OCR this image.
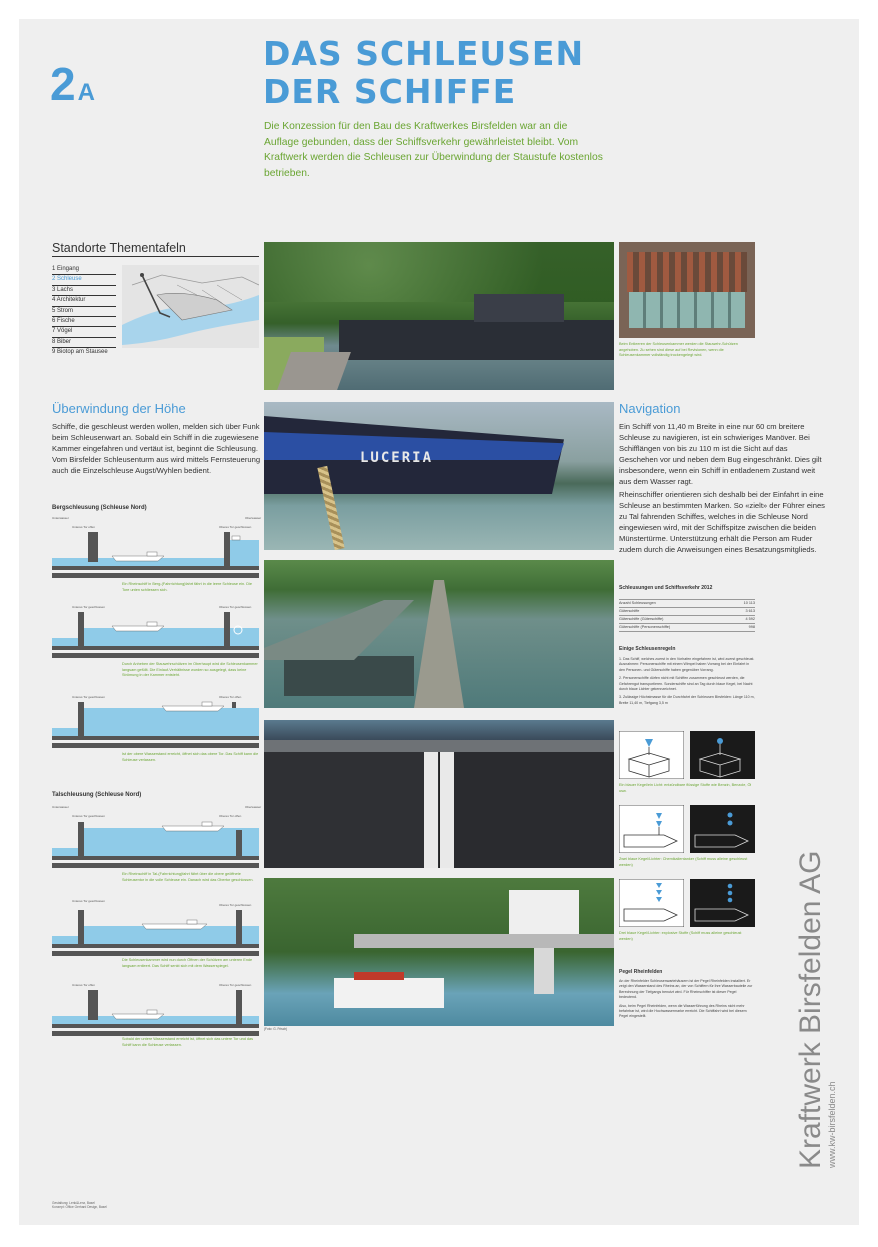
2A
DAS SCHLEUSEN
DER SCHIFFE
Die Konzession für den Bau des Kraftwerkes Birsfelden war an die Auflage gebunden, dass der Schiffsverkehr gewährleistet bleibt. Vom Kraftwerk werden die Schleusen zur Überwindung der Staustufe kostenlos betrieben.
Standorte Thementafeln
1 Eingang
2 Schleuse
3 Lachs
4 Architektur
5 Strom
6 Fische
7 Vögel
8 Biber
9 Biotop am Stausee
Beim Entleeren der Schleusenkammer werden die Stauwehr-Schützen angehoben. Zu sehen sind diese auf bei Revisionen, wenn die Schleusenkammer vollständig trockengelegt wird.
Überwindung der Höhe
Schiffe, die geschleust werden wollen, melden sich über Funk beim Schleusenwart an. Sobald ein Schiff in die zugewiesene Kammer eingefahren und vertäut ist, beginnt die Schleusung. Vom Birsfelder Schleusenturm aus wird mittels Fernsteuerung auch die Einzelschleuse Augst/Wyhlen bedient.
Bergschleusung (Schleuse Nord)
Unterwasser	Oberwasser
Unteres Tor offen	Oberes Tor geschlossen
Ein Rheinschiff in Berg-(Fahrrichtung)fahrt fährt in die leere Schleuse ein. Die Tore unten schliessen sich.
Unteres Tor geschlossen	Oberes Tor geschlossen
Schleusenwart im Steuerturm
Durch Anheben der Stauwehrschützen im Oberhaupt wird die Schleusenkammer langsam gefüllt. Die Einlauf-Verhältnisse wurden so ausgelegt, dass keine Strömung in der Kammer entsteht.
Unteres Tor geschlossen	Oberes Tor offen
Ist der obere Wasserstand erreicht, öffnet sich das obere Tor. Das Schiff kann die Schleuse verlassen.
Talschleusung (Schleuse Nord)
Unterwasser	Oberwasser
Unteres Tor geschlossen	Oberes Tor offen
Ein Rheinschiff in Tal-(Fahrrichtung)fahrt fährt über die obere geöffnete Schleusentor in die volle Schleuse ein. Danach wird das Obertor geschlossen.
Unteres Tor geschlossen
Oberes Tor geschlossen
Die Schleusenkammer wird nun durch Öffnen der Schützen am unteren Ende langsam entleert. Das Schiff senkt sich mit dem Wasserspiegel.
Unteres Tor offen	Oberes Tor geschlossen
Sobald der untere Wasserstand erreicht ist, öffnet sich das untere Tor und das Schiff kann die Schleuse verlassen.
LUCERIA
(Foto: G. Frisch)
Navigation
Ein Schiff von 11,40 m Breite in eine nur 60 cm breitere Schleuse zu navigieren, ist ein schwieriges Manöver. Bei Schifflängen von bis zu 110 m ist die Sicht auf das Geschehen vor und neben dem Bug eingeschränkt. Dies gilt insbesondere, wenn ein Schiff in entladenem Zustand weit aus dem Wasser ragt.
Rheinschiffer orientieren sich deshalb bei der Einfahrt in eine Schleuse an bestimmten Marken. So «zielt» der Führer eines zu Tal fahrenden Schiffes, welches in die Schleuse Nord eingewiesen wird, mit der Schiffspitze zwischen die beiden Münstertürme. Unterstützung erhält die Person am Ruder zudem durch die Anweisungen eines Besatzungsmitglieds.
Schleusungen und Schiffsverkehr 2012
Anzahl Schleusungen	10 113
Güterschiffe	3 613
Güterschiffe (Güterschiffe)	4 592
Güterschiffe (Personenschiffe)	998
Einige Schleusenregeln
1. Das Schiff, welches zuerst in den Vorhafen eingefahren ist, wird zuerst geschleust. Ausnahmen: Personenschiffe mit einem Wimpel haben Vorrang bei der Einfahrt in den Personen- und Güterschiffe haben gegenüber Vorrang.
2. Personenschiffe dürfen nicht mit Schiffen zusammen geschleust werden, die Gefahrengut transportieren. Sonderschiffe sind an Tag durch blaue Kegel, bei Nacht durch blaue Lichter gekennzeichnet.
3. Zulässige Höchstmasse für die Durchfahrt der Schleusen Birsfelden: Länge 110 m, Breite 11,40 m, Tiefgang 3,5 m
Ein blauer Kegel/ein Licht: entzündbare flüssige Stoffe wie Benzin, Benzole, Öl usw.
Zwei blaue Kegel/Lichter: Chemikalientanker (Schiff muss alleine geschleust werden)
Drei blaue Kegel/Lichter: explosive Stoffe (Schiff muss alleine geschleust werden)
Pegel Rheinfelden
An der Rheinfelder Schleusenwartehäusern ist der Pegel Rheinfelden installiert. Er zeigt den Wasserstand des Rheins an, der von Schiffern für ihre Wasserbauteile zur Berechnung der Tiefgangs benutzt wird. Für Rheinschiffer ist dieser Pegel bedeutend.
Also, beim Pegel Rheinfelden, wenn die Wasserführung des Rheins nicht mehr befahrbar ist, wird die Hochwassermarke erreicht. Die Schiffahrt wird bei diesem Pegel eingestellt.	Kraftwerk Birsfelden AG www.kw-birsfelden.ch
Gestaltung: Lenk&Lenz, Basel
Konzept: Office Gerhard Design, Basel
